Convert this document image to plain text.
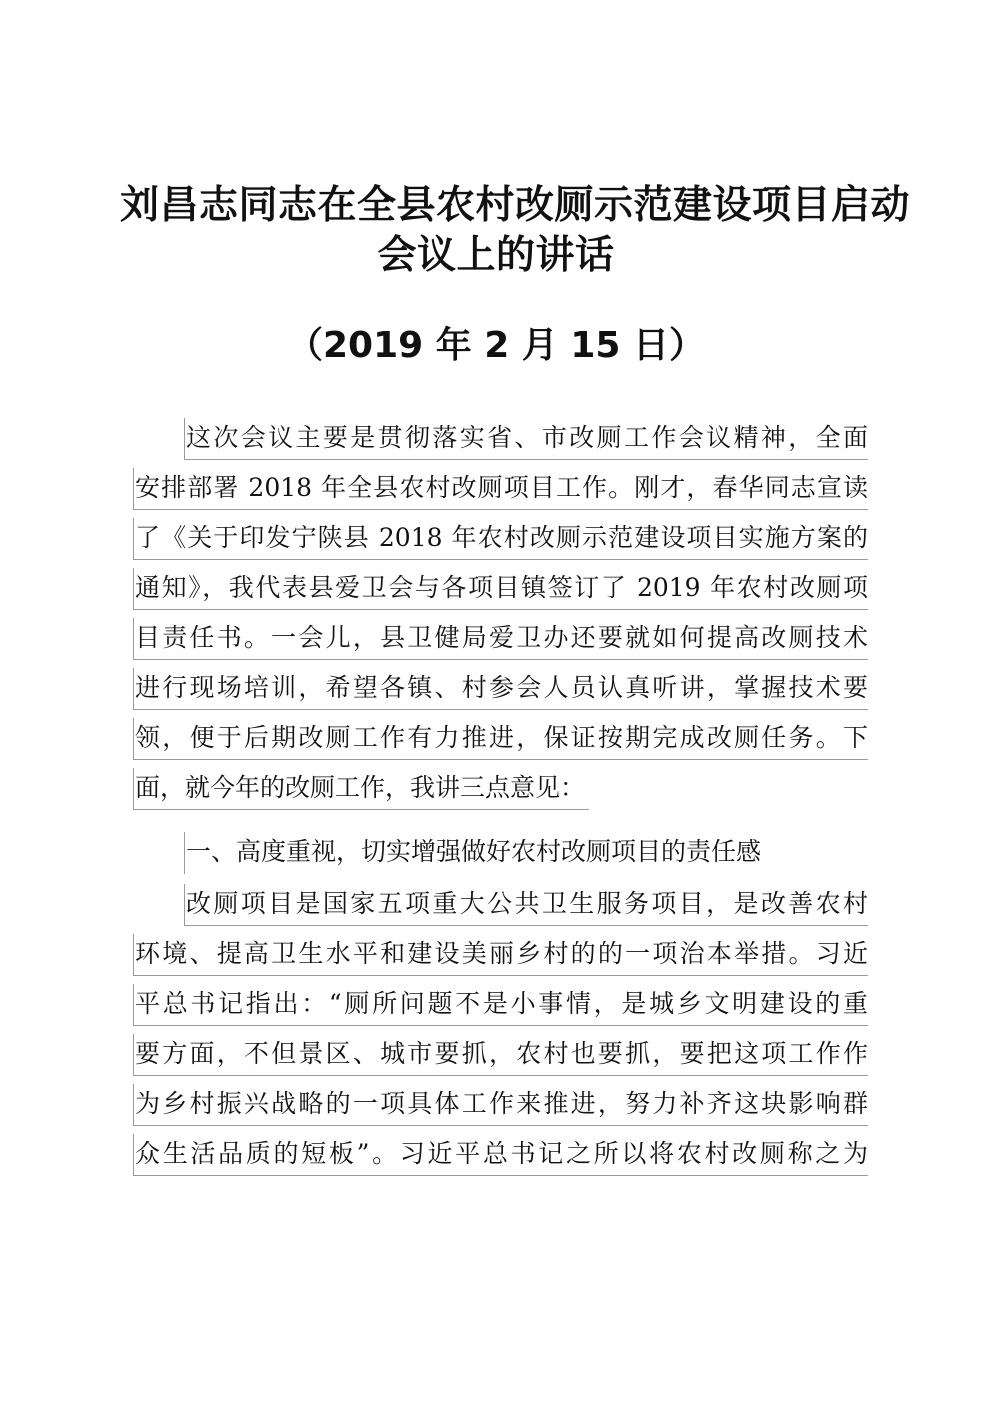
刘昌志同志在全县农村改厕示范建设项目启动
会议上的讲话
（2019 年 2 月 15 日）
这次会议主要是贯彻落实省、市改厕工作会议精神，全面
安排部署 2018 年全县农村改厕项目工作。刚才，春华同志宣读
了《关于印发宁陕县 2018 年农村改厕示范建设项目实施方案的
通知》，我代表县爱卫会与各项目镇签订了 2019 年农村改厕项
目责任书。一会儿，县卫健局爱卫办还要就如何提高改厕技术
进行现场培训，希望各镇、村参会人员认真听讲，掌握技术要
领，便于后期改厕工作有力推进，保证按期完成改厕任务。下
面，就今年的改厕工作，我讲三点意见：
一、高度重视，切实增强做好农村改厕项目的责任感
改厕项目是国家五项重大公共卫生服务项目，是改善农村
环境、提高卫生水平和建设美丽乡村的的一项治本举措。习近
平总书记指出：“厕所问题不是小事情，是城乡文明建设的重
要方面，不但景区、城市要抓，农村也要抓，要把这项工作作
为乡村振兴战略的一项具体工作来推进，努力补齐这块影响群
众生活品质的短板”。习近平总书记之所以将农村改厕称之为
